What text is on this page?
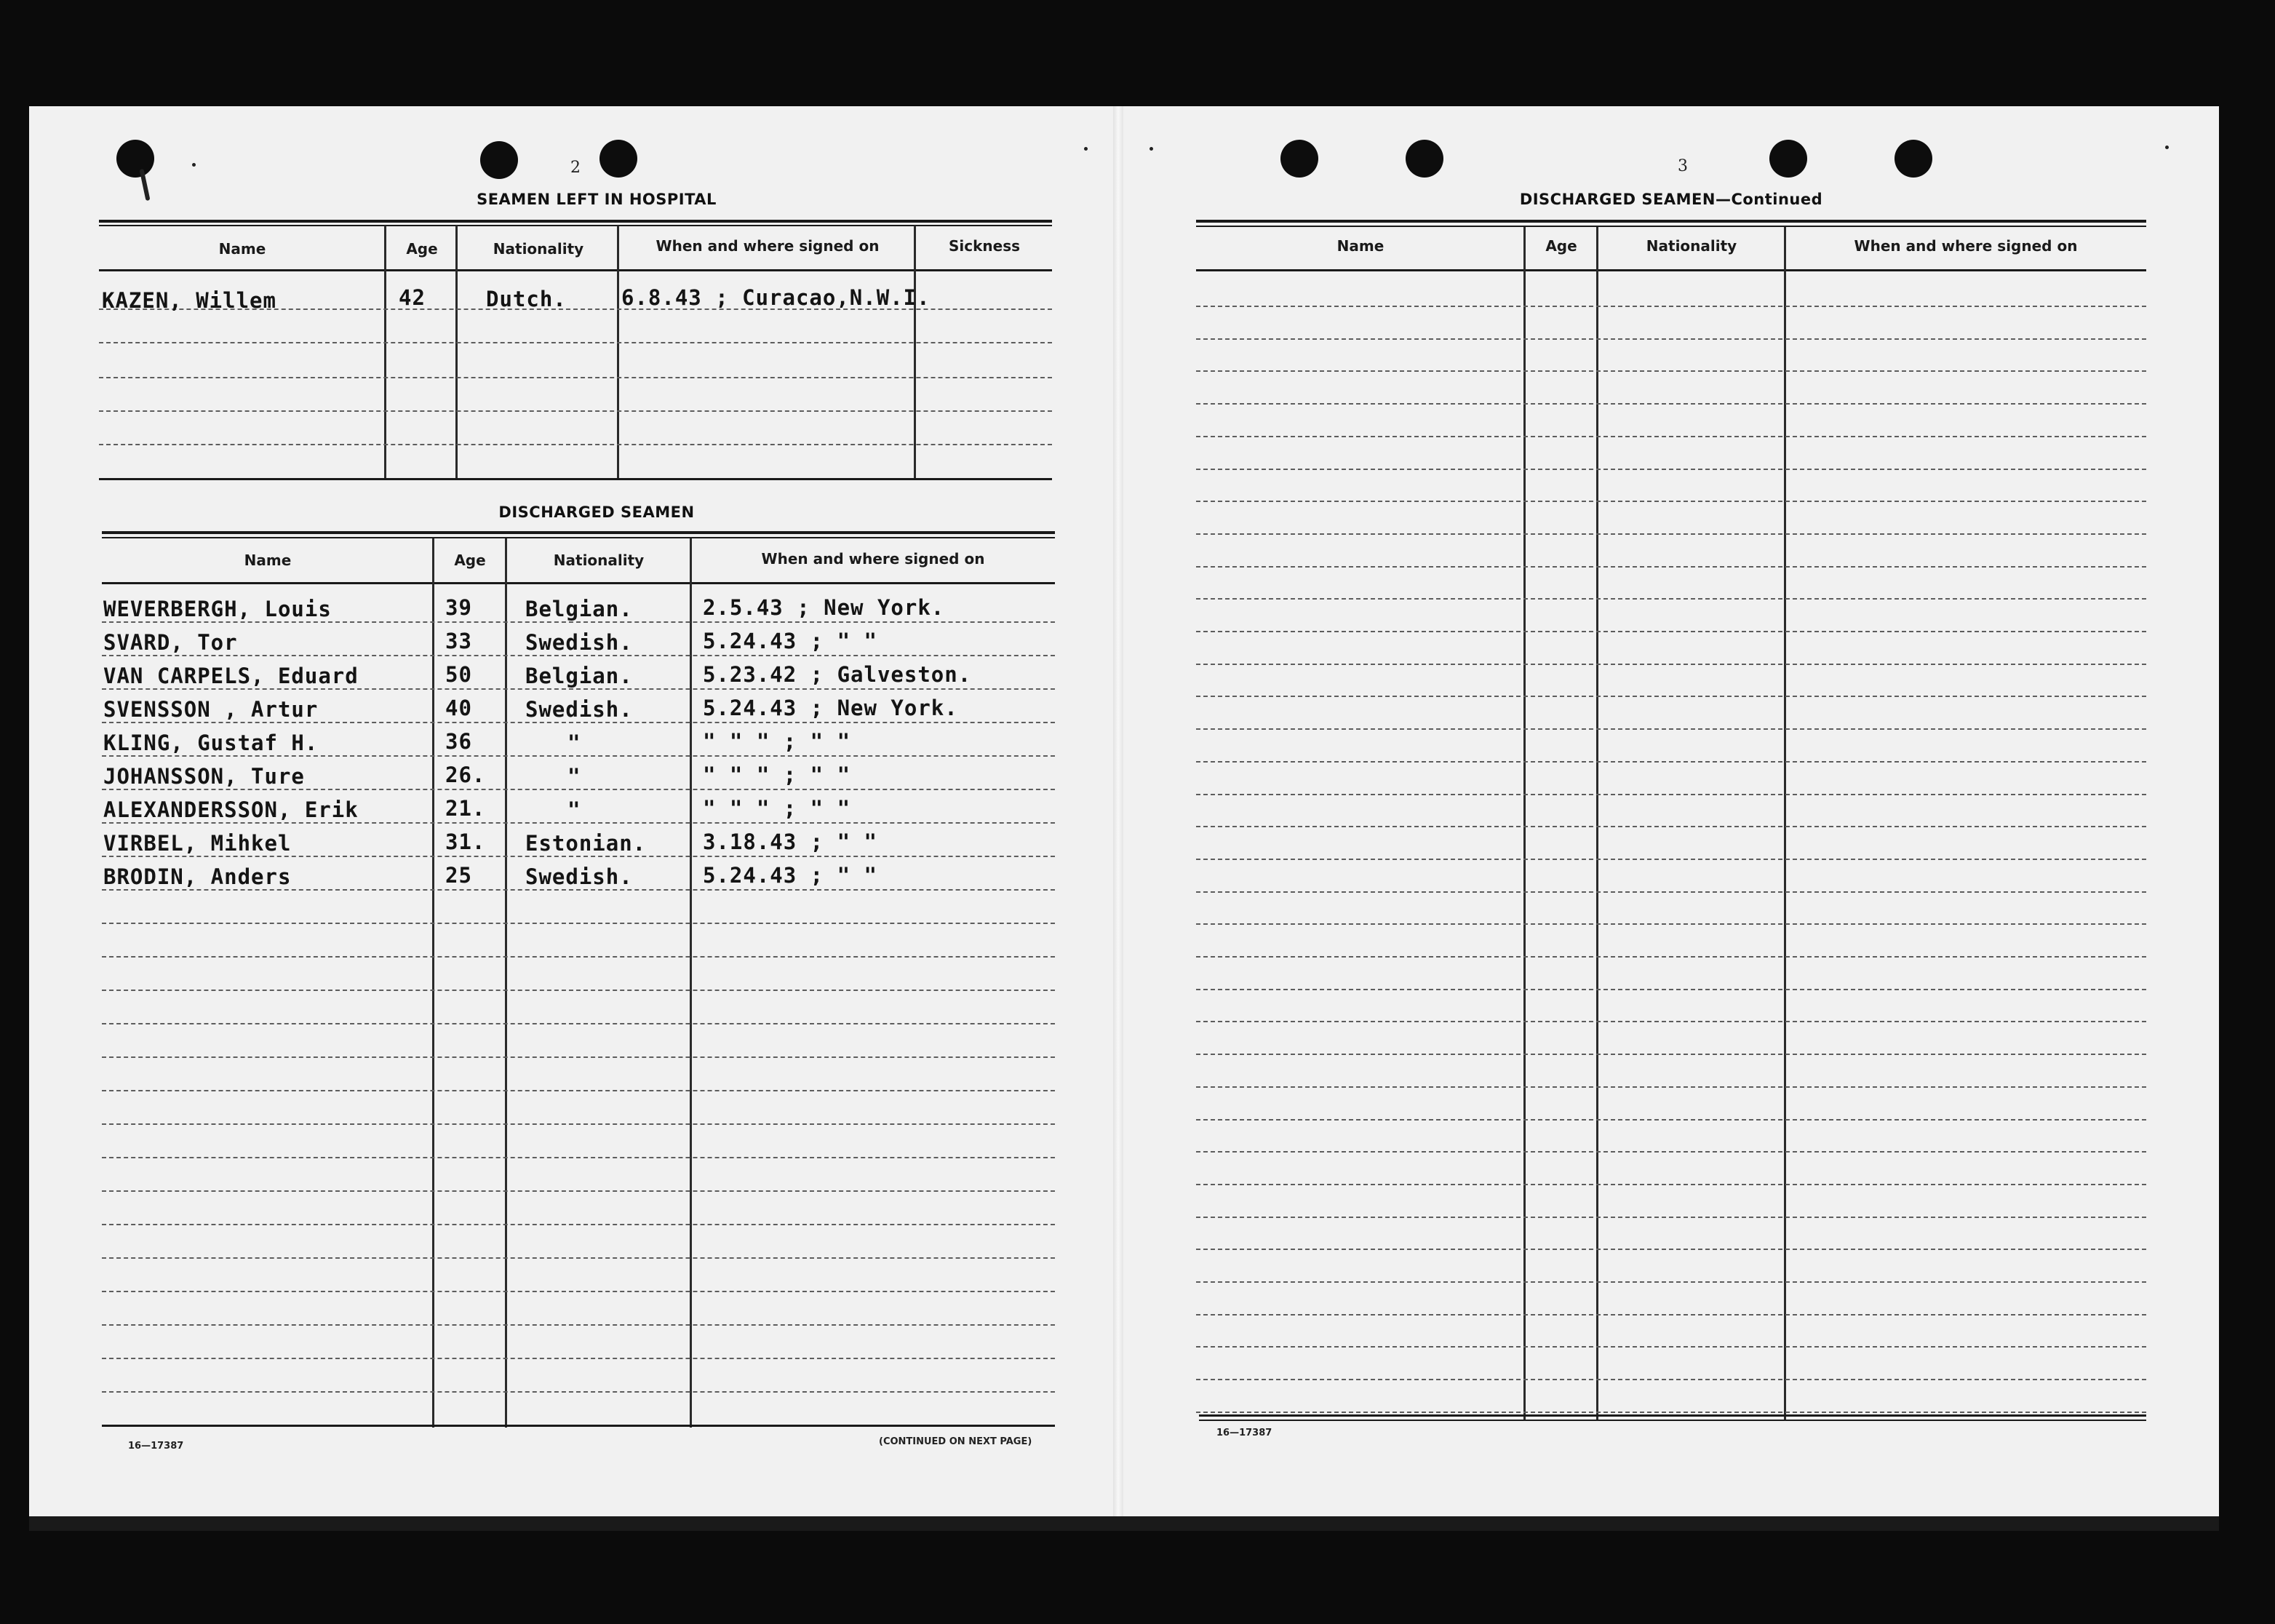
2
SEAMEN LEFT IN HOSPITAL
Name	Age	Nationality	When and where signed on	Sickness
KAZEN, Willem	42	Dutch.	6.8.43 ; Curacao,N.W.I.
DISCHARGED SEAMEN
Name	Age	Nationality	When and where signed on
WEVERBERGH, Louis	39	Belgian.	2.5.43 ; New York.
SVARD, Tor	33	Swedish.	5.24.43 ; " "
VAN CARPELS, Eduard	50	Belgian.	5.23.42 ; Galveston.
SVENSSON , Artur	40	Swedish.	5.24.43 ; New York.
KLING, Gustaf H.	36	"	" " " ; " "
JOHANSSON, Ture	26.	"	" " " ; " "
ALEXANDERSSON, Erik	21.	"	" " " ; " "
VIRBEL, Mihkel	31. Estonian.	3.18.43 ; " "
BRODIN, Anders	25	Swedish.	5.24.43 ; " "
16—17387	(CONTINUED ON NEXT PAGE)
3
DISCHARGED SEAMEN—Continued
Name	Age	Nationality	When and where signed on
16—17387
